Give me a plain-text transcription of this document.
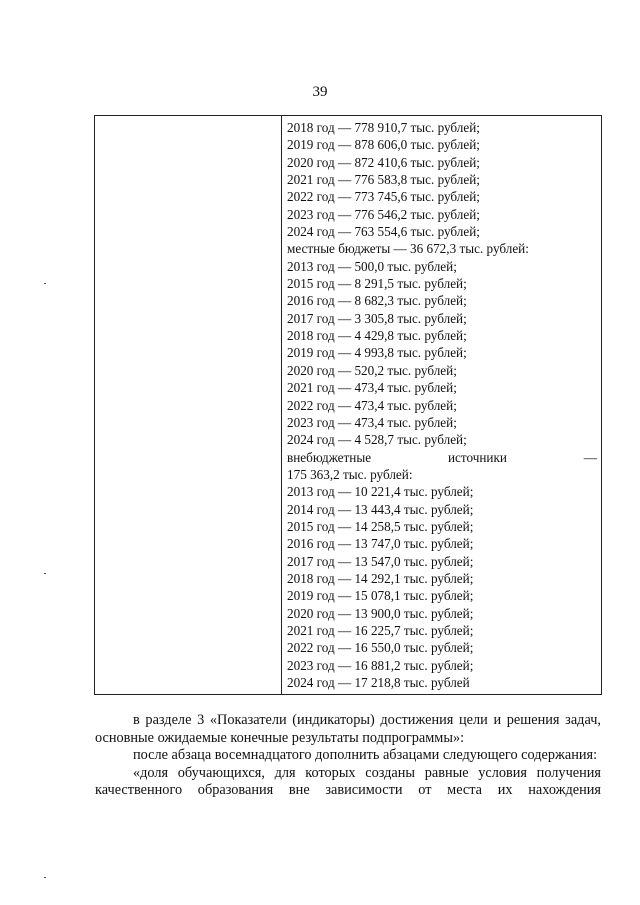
39
2018 год — 778 910,7 тыс. рублей;
2019 год — 878 606,0 тыс. рублей;
2020 год — 872 410,6 тыс. рублей;
2021 год — 776 583,8 тыс. рублей;
2022 год — 773 745,6 тыс. рублей;
2023 год — 776 546,2 тыс. рублей;
2024 год — 763 554,6 тыс. рублей;
местные бюджеты — 36 672,3 тыс. рублей:
2013 год — 500,0 тыс. рублей;
2015 год — 8 291,5 тыс. рублей;
2016 год — 8 682,3 тыс. рублей;
2017 год — 3 305,8 тыс. рублей;
2018 год — 4 429,8 тыс. рублей;
2019 год — 4 993,8 тыс. рублей;
2020 год — 520,2 тыс. рублей;
2021 год — 473,4 тыс. рублей;
2022 год — 473,4 тыс. рублей;
2023 год — 473,4 тыс. рублей;
2024 год — 4 528,7 тыс. рублей;
внебюджетные	источники	—
175 363,2 тыс. рублей:
2013 год — 10 221,4 тыс. рублей;
2014 год — 13 443,4 тыс. рублей;
2015 год — 14 258,5 тыс. рублей;
2016 год — 13 747,0 тыс. рублей;
2017 год — 13 547,0 тыс. рублей;
2018 год — 14 292,1 тыс. рублей;
2019 год — 15 078,1 тыс. рублей;
2020 год — 13 900,0 тыс. рублей;
2021 год — 16 225,7 тыс. рублей;
2022 год — 16 550,0 тыс. рублей;
2023 год — 16 881,2 тыс. рублей;
2024 год — 17 218,8 тыс. рублей

в разделе 3 «Показатели (индикаторы) достижения цели и решения задач, основные ожидаемые конечные результаты подпрограммы»:

после абзаца восемнадцатого дополнить абзацами следующего содержания:

«доля обучающихся, для которых созданы равные условия получения качественного образования вне зависимости от места их нахождения
